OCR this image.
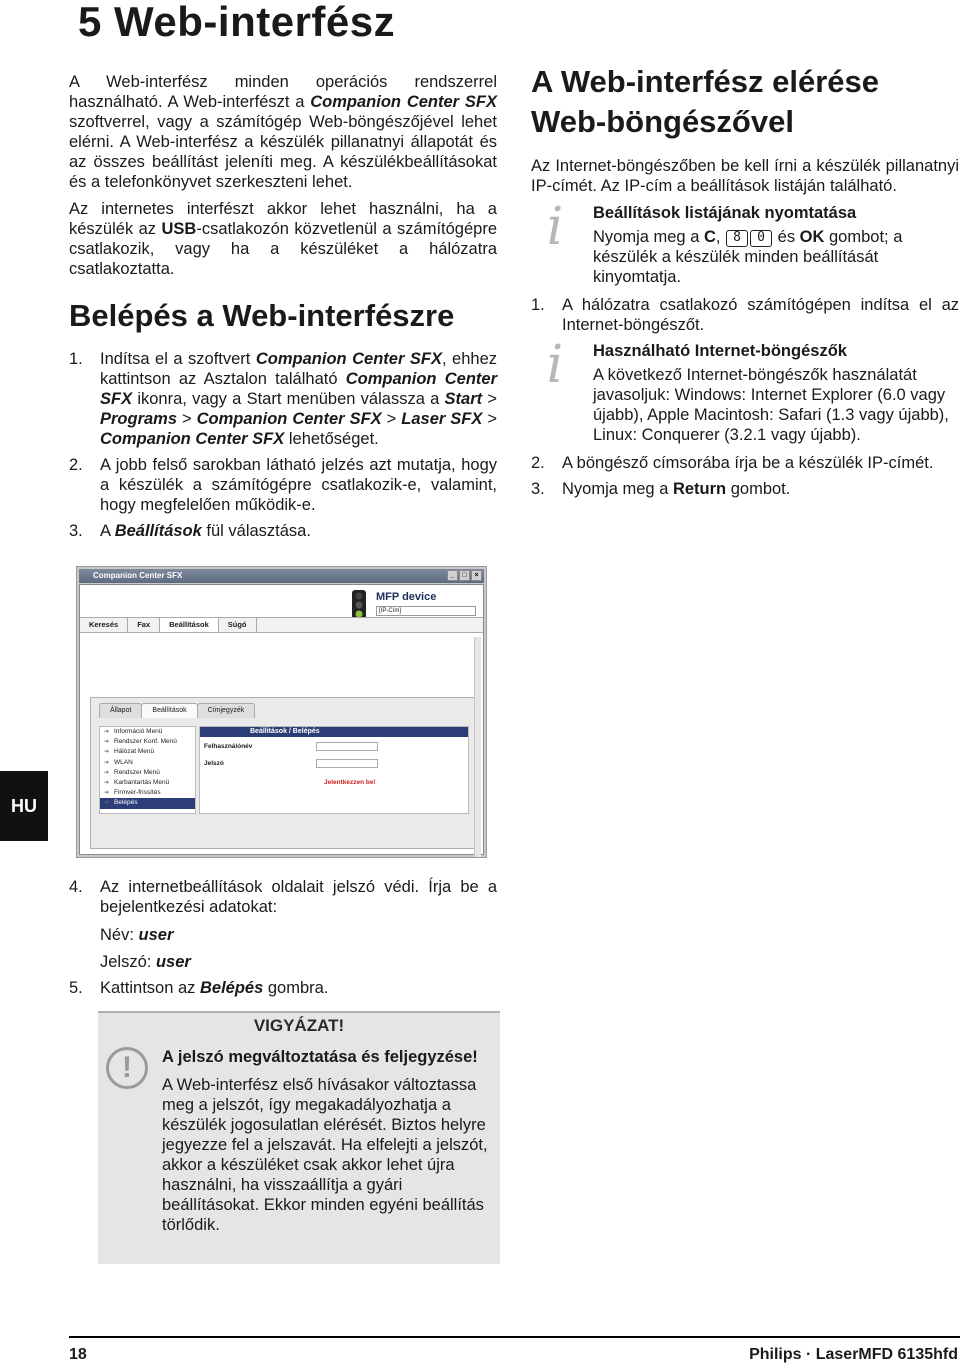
5 Web-interfész

A Web-interfész minden operációs rendszerrel használható. A Web-interfészt a Companion Center SFX szoftverrel, vagy a számítógép Web-böngészőjével lehet elérni. A Web-interfész a készülék pillanatnyi állapotát és az összes beállítást jeleníti meg. A készülékbeállításokat és a telefonkönyvet szerkeszteni lehet.

Az internetes interfészt akkor lehet használni, ha a készülék az USB-csatlakozón közvetlenül a számítógépre csatlakozik, vagy ha a készüléket a hálózatra csatlakoztatta.

Belépés a Web-interfészre
1. Indítsa el a szoftvert Companion Center SFX, ehhez kattintson az Asztalon található Companion Center SFX ikonra, vagy a Start menüben válassza a Start > Programs > Companion Center SFX > Laser SFX > Companion Center SFX lehetőséget.
2. A jobb felső sarokban látható jelzés azt mutatja, hogy a készülék a számítógépre csatlakozik-e, valamint, hogy megfelelően működik-e.
3. A Beállítások fül választása.
Companion Center SFX	_	□	×
MFP device
[IP-Cím]
Keresés	Fax	Beállítások	Súgó
Állapot	Beállítások	Címjegyzék
➔ Információ Menü
➔ Rendszer Konf. Menü
➔ Hálózat Menü
➔ WLAN
➔ Rendszer Menü
➔ Karbantartás Menü
➔ Firmver-frissítés
➔ Belépés
Beállítások / Belépés
Felhasználónév
Jelszó
Jelentkezzen be!
HU
4. Az internetbeállítások oldalait jelszó védi. Írja be a bejelentkezési adatokat:
Név: user
Jelszó: user
5. Kattintson az Belépés gombra.
VIGYÁZAT!
!	A jelszó megváltoztatása és feljegyzése!
A Web-interfész első hívásakor változtassa meg a jelszót, így megakadályozhatja a készülék jogosulatlan elérését. Biztos helyre jegyezze fel a jelszavát. Ha elfelejti a jelszót, akkor a készüléket csak akkor lehet újra használni, ha visszaállítja a gyári beállításokat. Ekkor minden egyéni beállítás törlődik.
A Web-interfész elérése
Web-böngészővel

Az Internet-böngészőben be kell írni a készülék pillanatnyi IP-címét. Az IP-cím a beállítások listáján található.

i	Beállítások listájának nyomtatása
Nyomja meg a C, 8 0 és OK gombot; a készülék a készülék minden beállítását kinyomtatja.
1. A hálózatra csatlakozó számítógépen indítsa el az Internet-böngészőt.
i	Használható Internet-böngészők
A következő Internet-böngészők használatát javasoljuk: Windows: Internet Explorer (6.0 vagy újabb), Apple Macintosh: Safari (1.3 vagy újabb), Linux: Conquerer (3.2.1 vagy újabb).
2. A böngésző címsorába írja be a készülék IP-címét.
3. Nyomja meg a Return gombot.
18	Philips · LaserMFD 6135hfd
